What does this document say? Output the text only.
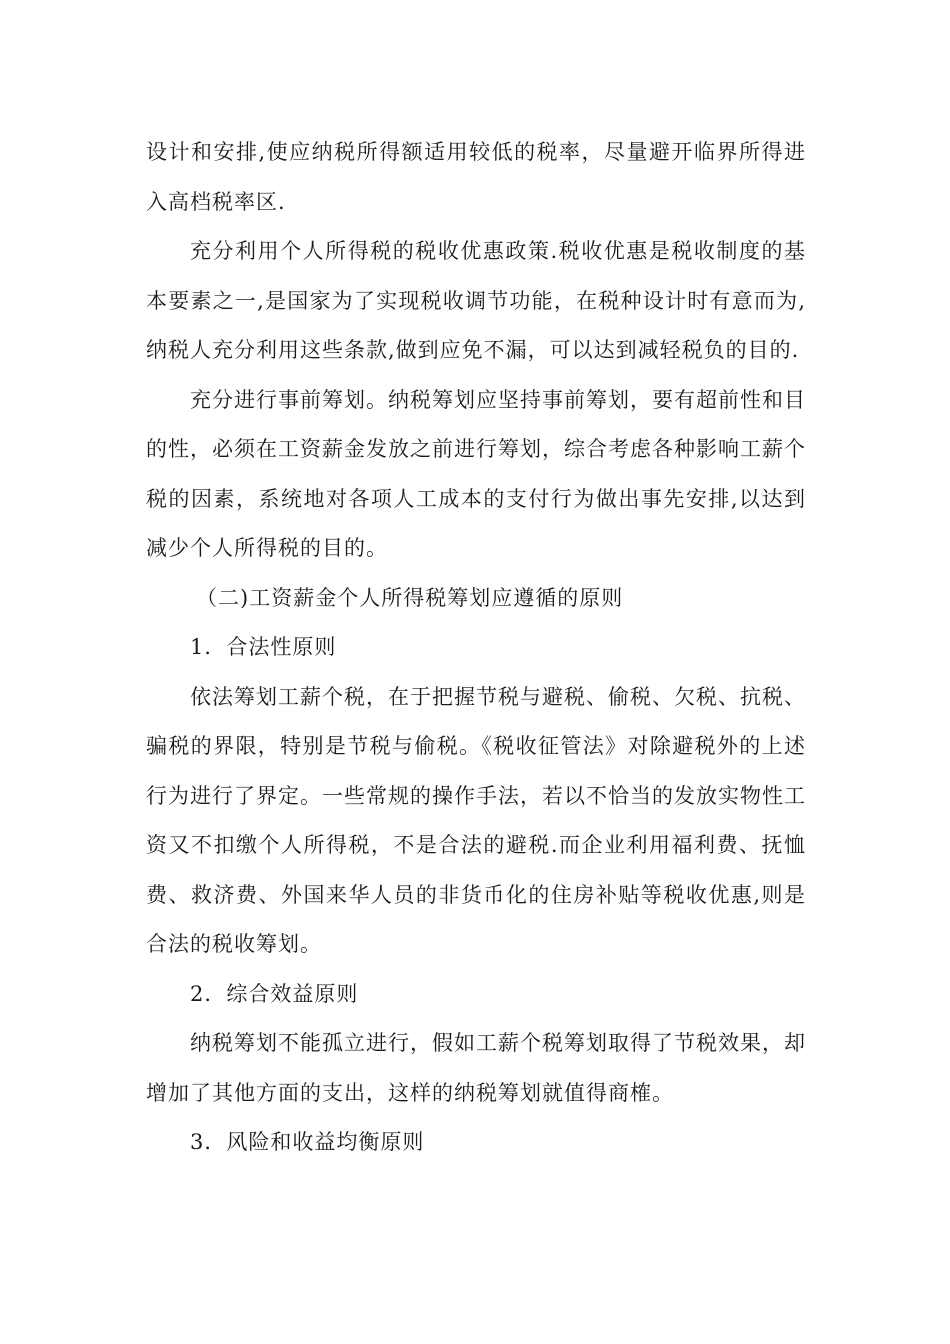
设计和安排,使应纳税所得额适用较低的税率，尽量避开临界所得进入高档税率区.

充分利用个人所得税的税收优惠政策.税收优惠是税收制度的基本要素之一,是国家为了实现税收调节功能，在税种设计时有意而为,纳税人充分利用这些条款,做到应免不漏，可以达到减轻税负的目的.

充分进行事前筹划。纳税筹划应坚持事前筹划，要有超前性和目的性，必须在工资薪金发放之前进行筹划，综合考虑各种影响工薪个税的因素，系统地对各项人工成本的支付行为做出事先安排,以达到减少个人所得税的目的。

（二)工资薪金个人所得税筹划应遵循的原则

1．合法性原则

依法筹划工薪个税，在于把握节税与避税、偷税、欠税、抗税、骗税的界限，特别是节税与偷税。《税收征管法》对除避税外的上述行为进行了界定。一些常规的操作手法，若以不恰当的发放实物性工资又不扣缴个人所得税，不是合法的避税.而企业利用福利费、抚恤费、救济费、外国来华人员的非货币化的住房补贴等税收优惠,则是合法的税收筹划。

2．综合效益原则

纳税筹划不能孤立进行，假如工薪个税筹划取得了节税效果，却增加了其他方面的支出，这样的纳税筹划就值得商榷。

3．风险和收益均衡原则
